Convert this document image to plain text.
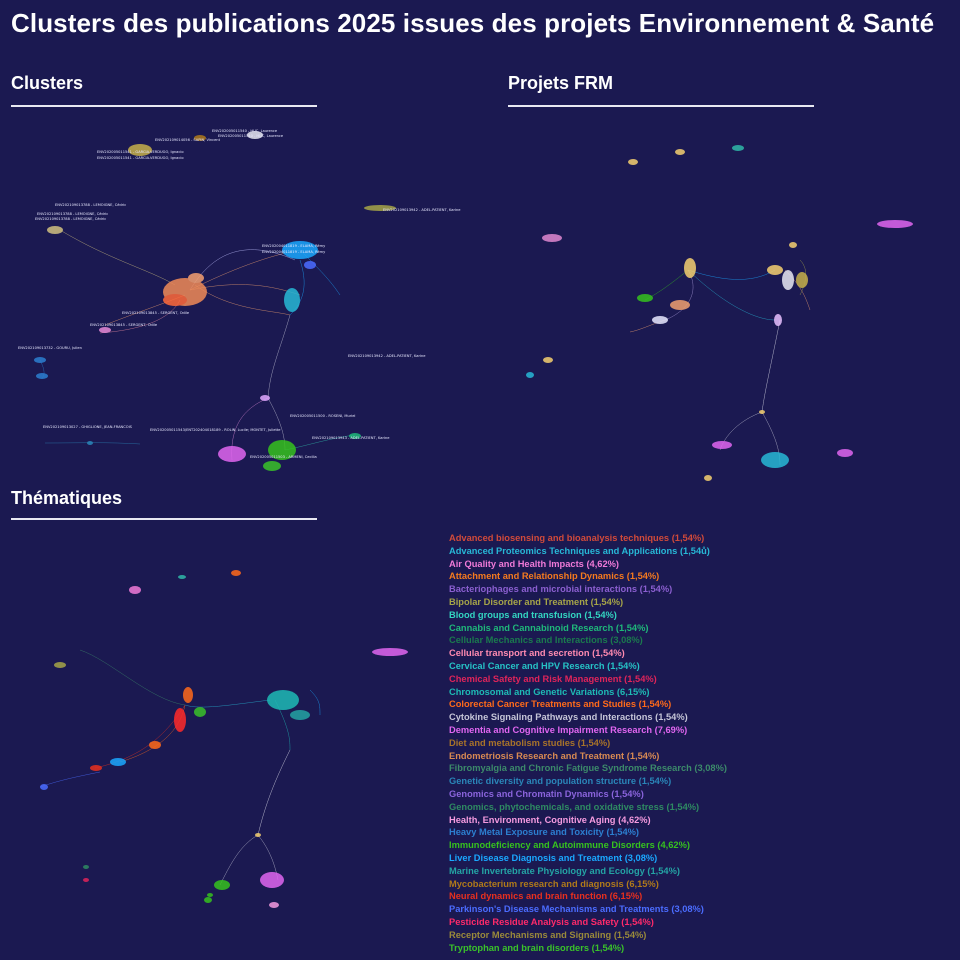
Clusters des publications 2025 issues des projets Environnement & Santé
Clusters	Projets FRM
Thématiques
ENV202005011540 - HUC, Laurence
ENV202005011540 - HUC, Laurence
ENV202109014056 - SAPIN, Vincent
ENV202005011541 - GARCIA-VERDUGO, Ignacio
ENV202005011541 - GARCIA-VERDUGO, Ignacio
ENV202109013788 - LEMOIGNE, Cédric
ENV202109013788 - LEMOIGNE, Cédric
ENV202109013788 - LEMOIGNE, Cédric
ENV202109013942 - ADEL-PATIENT, Karine
ENV202004011819 - ELAMA, Rémy
ENV202004011819 - ELAMA, Rémy
ENV202109013845 - SERGENT, Odile
ENV202109013845 - SERGENT, Odile
ENV202109013732 - GOURU, Julien
ENV202109013942 - ADEL-PATIENT, Karine
ENV202109013027 - GHIGLIONE, JEAN-FRANCOIS
ENV202005011543/ENT202404018189 - ROLIN, Lucile; MONTET, Juliette
ENV202005011500 - ROSENI, Muriel
ENV202109013943 - ADEL-PATIENT, Karine
ENV202005011503 - ARMENI, Cecilia
Advanced biosensing and bioanalysis techniques (1,54%)
Advanced Proteomics Techniques and Applications (1,54ů)
Air Quality and Health Impacts (4,62%)
Attachment and Relationship Dynamics (1,54%)
Bacteriophages and microbial interactions (1,54%)
Bipolar Disorder and Treatment (1,54%)
Blood groups and transfusion (1,54%)
Cannabis and Cannabinoid Research (1,54%)
Cellular Mechanics and Interactions (3,08%)
Cellular transport and secretion (1,54%)
Cervical Cancer and HPV Research (1,54%)
Chemical Safety and Risk Management (1,54%)
Chromosomal and Genetic Variations (6,15%)
Colorectal Cancer Treatments and Studies (1,54%)
Cytokine Signaling Pathways and Interactions (1,54%)
Dementia and Cognitive Impairment Research (7,69%)
Diet and metabolism studies (1,54%)
Endometriosis Research and Treatment (1,54%)
Fibromyalgia and Chronic Fatigue Syndrome Research (3,08%)
Genetic diversity and population structure (1,54%)
Genomics and Chromatin Dynamics (1,54%)
Genomics, phytochemicals, and oxidative stress (1,54%)
Health, Environment, Cognitive Aging (4,62%)
Heavy Metal Exposure and Toxicity (1,54%)
Immunodeficiency and Autoimmune Disorders (4,62%)
Liver Disease Diagnosis and Treatment (3,08%)
Marine Invertebrate Physiology and Ecology (1,54%)
Mycobacterium research and diagnosis (6,15%)
Neural dynamics and brain function (6,15%)
Parkinson's Disease Mechanisms and Treatments (3,08%)
Pesticide Residue Analysis and Safety (1,54%)
Receptor Mechanisms and Signaling (1,54%)
Tryptophan and brain disorders (1,54%)
